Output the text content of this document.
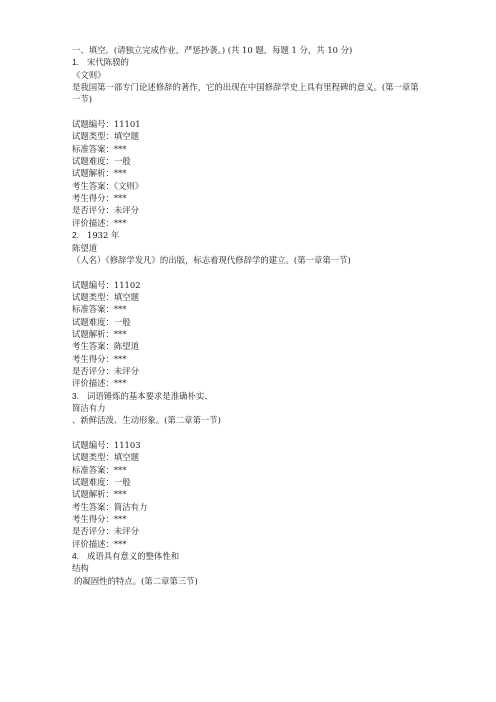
一、填空。(请独立完成作业，严惩抄袭。) (共 10 题，每题 1 分，共 10 分)
1. 宋代陈骙的
《文则》
是我国第一部专门论述修辞的著作，它的出现在中国修辞学史上具有里程碑的意义。(第一章第一节)
试题编号：11101
试题类型：填空题
标准答案：***
试题难度：一般
试题解析：***
考生答案：《文则》
考生得分：***
是否评分：未评分
评价描述：***
2. 1932 年
陈望道
（人名）《修辞学发凡》的出版，标志着现代修辞学的建立。(第一章第一节)
试题编号：11102
试题类型：填空题
标准答案：***
试题难度：一般
试题解析：***
考生答案：陈望道
考生得分：***
是否评分：未评分
评价描述：***
3. 词语锤炼的基本要求是准确朴实、
简洁有力
、新鲜活泼、生动形象。(第二章第一节)
试题编号：11103
试题类型：填空题
标准答案：***
试题难度：一般
试题解析：***
考生答案：简洁有力
考生得分：***
是否评分：未评分
评价描述：***
4. 成语具有意义的整体性和
结构
的凝固性的特点。(第二章第三节)
